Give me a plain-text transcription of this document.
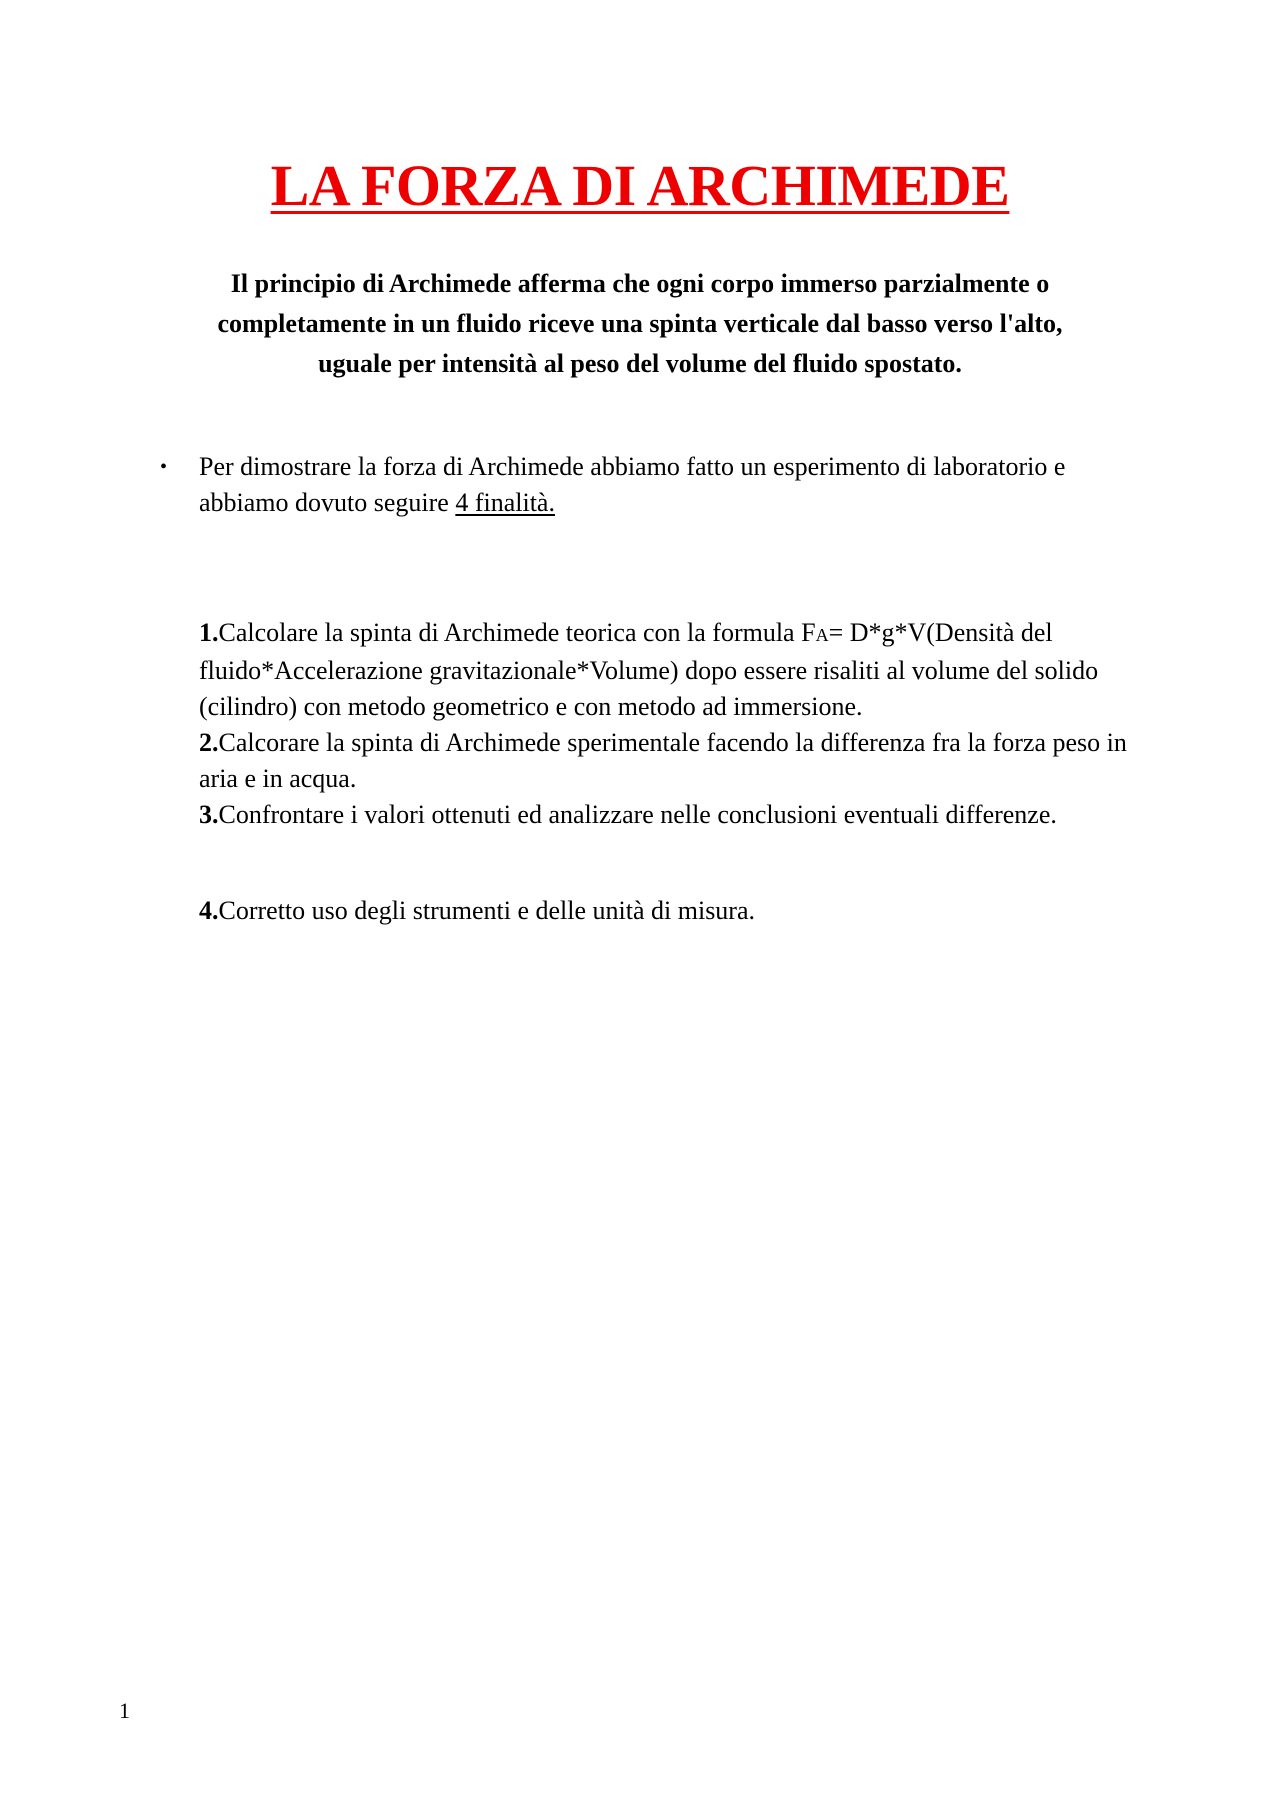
LA FORZA DI ARCHIMEDE
Il principio di Archimede afferma che ogni corpo immerso parzialmente o
completamente in un fluido riceve una spinta verticale dal basso verso l'alto,
uguale per intensità al peso del volume del fluido spostato.
• Per dimostrare la forza di Archimede abbiamo fatto un esperimento di laboratorio e abbiamo dovuto seguire 4 finalità.

1.Calcolare la spinta di Archimede teorica con la formula FA= D*g*V(Densità del fluido*Accelerazione gravitazionale*Volume) dopo essere risaliti al volume del solido (cilindro) con metodo geometrico e con metodo ad immersione.

2.Calcorare la spinta di Archimede sperimentale facendo la differenza fra la forza peso in aria e in acqua.

3.Confrontare i valori ottenuti ed analizzare nelle conclusioni eventuali differenze.

4.Corretto uso degli strumenti e delle unità di misura.

1
